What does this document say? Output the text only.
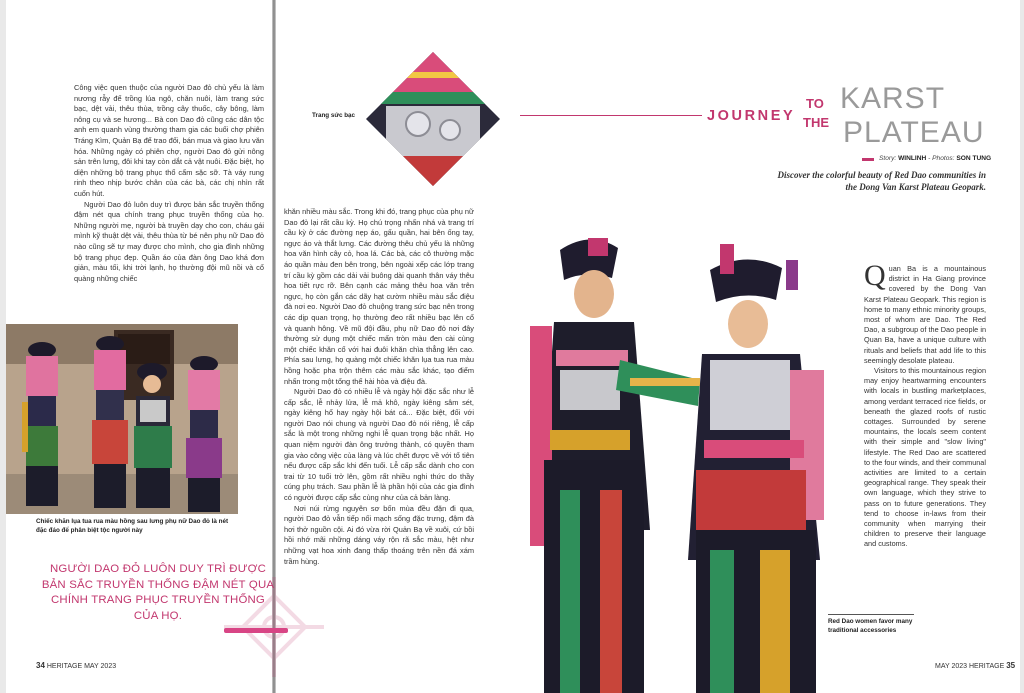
Công việc quen thuộc của người Dao đỏ chủ yếu là làm nương rẫy để trồng lúa ngô, chăn nuôi, làm trang sức bạc, dệt vải, thêu thùa, trồng cây thuốc, cây bông, làm nông cụ và se hương... Bà con Dao đỏ cũng các dân tộc anh em quanh vùng thường tham gia các buổi chợ phiên Tráng Kìm, Quản Bạ để trao đổi, bán mua và giao lưu văn hóa. Những ngày có phiên chợ, người Dao đỏ gửi nông sản trên lưng, đôi khi tay còn dắt cả vật nuôi. Đặc biệt, họ diện những bộ trang phục thổ cẩm sặc sỡ. Tà váy rung rinh theo nhịp bước chân của các bà, các chị nhìn rất cuốn hút.

Người Dao đỏ luôn duy trì được bản sắc truyền thống đậm nét qua chính trang phục truyền thống của họ. Những người mẹ, người bà truyền dạy cho con, cháu gái mình kỹ thuật dệt vải, thêu thùa từ bé nên phụ nữ Dao đỏ nào cũng sẽ tự may được cho mình, cho gia đình những bộ trang phục đẹp. Quần áo của đàn ông Dao khá đơn giản, màu tối, khi trời lạnh, họ thường đội mũ nồi và cổ quàng những chiếc

Chiếc khăn lụa tua rua màu hồng sau lưng phụ nữ Dao đỏ là nét đặc đáo để phân biệt tộc người này
NGƯỜI DAO ĐỎ LUÔN DUY TRÌ ĐƯỢC BẢN SẮC TRUYỀN THỐNG ĐẬM NÉT QUA CHÍNH TRANG PHỤC TRUYỀN THỐNG CỦA HỌ.
34 HERITAGE MAY 2023
Trang sức bạc

khăn nhiều màu sắc. Trong khi đó, trang phục của phụ nữ Dao đỏ lại rất cầu kỳ. Họ chú trọng nhấn nhá và trang trí cầu kỳ ở các đường nẹp áo, gấu quần, hai bên ống tay, ngực áo và thắt lưng. Các đường thêu chủ yếu là những hoa văn hình cây cỏ, hoa lá. Các bà, các cô thường mặc áo quần màu đen bên trong, bên ngoài xếp các lớp trang trí cầu kỳ gồm các dải vải buông dài quanh thân váy thêu hoa tiết rực rỡ. Bên cạnh các mảng thêu hoa văn trên ngực, họ còn gắn các dãy hạt cườm nhiều màu sắc điệu đà nơi eo. Người Dao đỏ chuộng trang sức bạc nên trong các dịp quan trọng, họ thường đeo rất nhiều bạc lên cổ và quanh hông. Về mũ đội đầu, phụ nữ Dao đỏ nơi đây thường sử dụng một chiếc mấn tròn màu đen cài cùng một chiếc khăn cổ với hai đuôi khăn chìa thẳng lên cao. Phía sau lưng, họ quàng một chiếc khăn lụa tua rua màu hồng hoặc pha trộn thêm các màu sắc khác, tạo điểm nhấn trong một tổng thể hài hòa và điệu đà.

Người Dao đỏ có nhiều lễ và ngày hội đặc sắc như lễ cấp sắc, lễ nhảy lửa, lễ mả khô, ngày kiêng sâm sét, ngày kiêng hổ hay ngày hội bát cá... Đặc biệt, đối với người Dao nói chung và người Dao đỏ nói riêng, lễ cấp sắc là một trong những nghi lễ quan trọng bậc nhất. Họ quan niệm người đàn ông trưởng thành, có quyền tham gia vào công việc của làng và lúc chết được về với tổ tiên nếu được cấp sắc khi đến tuổi. Lễ cấp sắc dành cho con trai từ 10 tuổi trở lên, gồm rất nhiều nghi thức do thầy cúng phụ trách. Sau phần lễ là phần hội của các gia đình có người được cấp sắc cùng như của cả bản làng.

Nơi núi rừng nguyên sơ bốn mùa đều đặn đi qua, người Dao đỏ vẫn tiếp nối mạch sống đặc trưng, đậm đà hơi thở nguồn cội. Ai đó vừa rời Quản Bạ về xuôi, cứ bồi hồi nhớ mãi những dáng váy rộn rã sắc màu, hệt như những vạt hoa xinh đang thấp thoáng trên nền đá xám trầm hùng.

JOURNEY
TO
THE
KARST
PLATEAU
Story: WINLINH - Photos: SON TUNG
Discover the colorful beauty of Red Dao communities in the Dong Van Karst Plateau Geopark.
Q uan Ba is a mountainous district in Ha Giang province covered by the Dong Van Karst Plateau Geopark. This region is home to many ethnic minority groups, most of whom are Dao. The Red Dao, a subgroup of the Dao people in Quan Ba, have a unique culture with rituals and beliefs that add life to this seemingly desolate plateau.

Visitors to this mountainous region may enjoy heartwarming encounters with locals in bustling marketplaces, among verdant terraced rice fields, or beneath the glazed roofs of rustic cottages. Surrounded by serene mountains, the locals seem content with their simple and "slow living" lifestyle. The Red Dao are scattered to the four winds, and their communal activities are limited to a certain geographical range. They speak their own language, which they strive to pass on to future generations. They tend to choose in-laws from their community when marrying their children to preserve their language and customs.

Red Dao women favor many traditional accessories
MAY 2023 HERITAGE 35
